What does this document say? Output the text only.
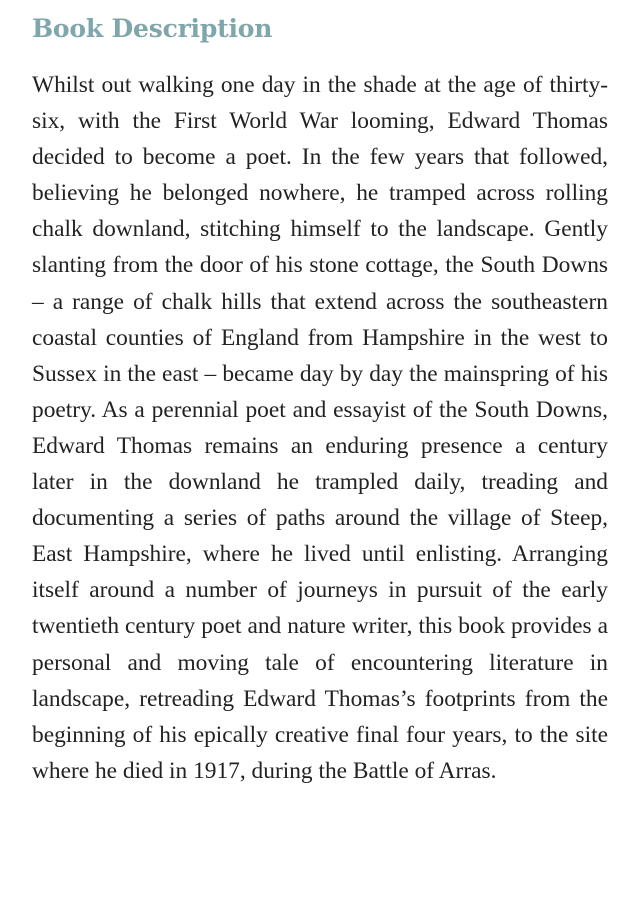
Book Description

Whilst out walking one day in the shade at the age of thirty-six, with the First World War looming, Edward Thomas decided to become a poet. In the few years that followed, believing he belonged nowhere, he tramped across rolling chalk downland, stitching himself to the landscape. Gently slanting from the door of his stone cottage, the South Downs – a range of chalk hills that extend across the southeastern coastal counties of England from Hampshire in the west to Sussex in the east – became day by day the mainspring of his poetry. As a perennial poet and essayist of the South Downs, Edward Thomas remains an enduring presence a century later in the downland he trampled daily, treading and documenting a series of paths around the village of Steep, East Hampshire, where he lived until enlisting. Arranging itself around a number of journeys in pursuit of the early twentieth century poet and nature writer, this book provides a personal and moving tale of encountering literature in landscape, retreading Edward Thomas’s footprints from the beginning of his epically creative final four years, to the site where he died in 1917, during the Battle of Arras.
